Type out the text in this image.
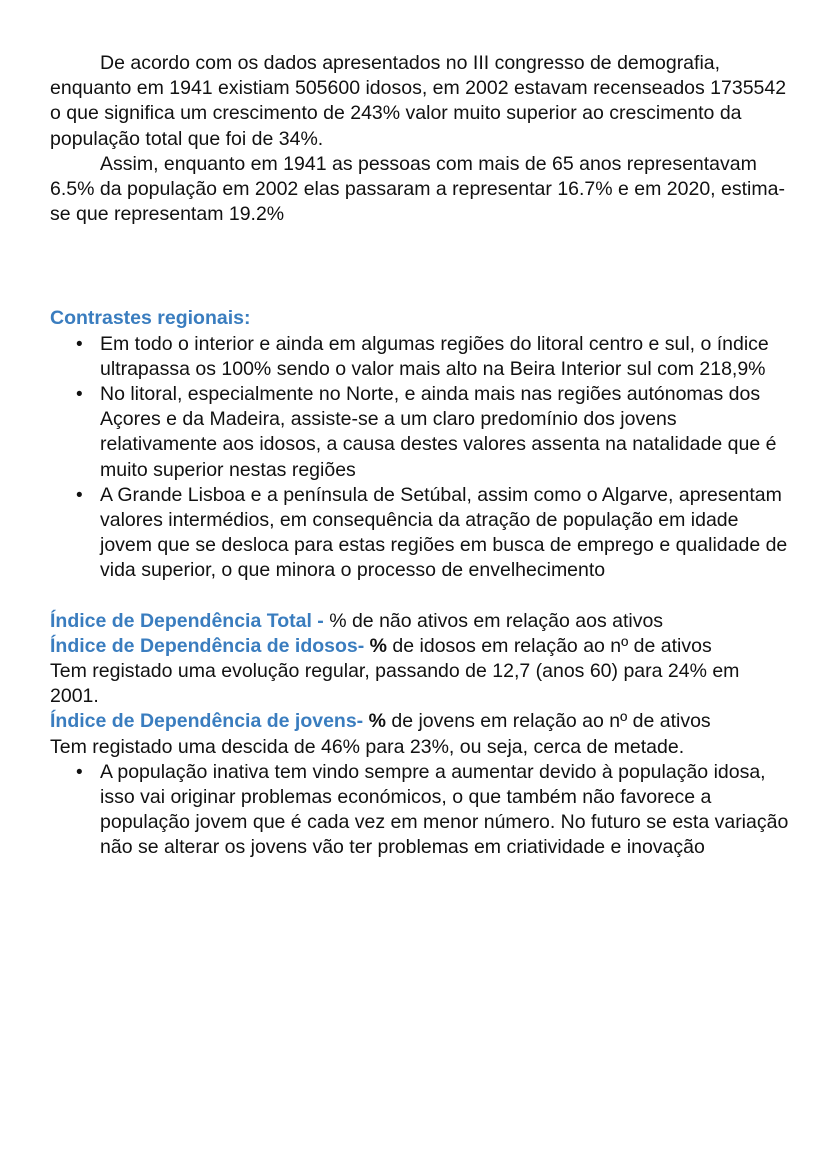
De acordo com os dados apresentados no III congresso de demografia, enquanto em 1941 existiam 505600 idosos, em 2002 estavam recenseados 1735542 o que significa um crescimento de 243% valor muito superior ao crescimento da população total que foi de 34%.

Assim, enquanto em 1941 as pessoas com mais de 65 anos representavam 6.5% da população em 2002 elas passaram a representar 16.7% e em 2020, estima-se que representam 19.2%

Contrastes regionais:

• Em todo o interior e ainda em algumas regiões do litoral centro e sul, o índice ultrapassa os 100% sendo o valor mais alto na Beira Interior sul com 218,9%
• No litoral, especialmente no Norte, e ainda mais nas regiões autónomas dos Açores e da Madeira, assiste-se a um claro predomínio dos jovens relativamente aos idosos, a causa destes valores assenta na natalidade que é muito superior nestas regiões
• A Grande Lisboa e a península de Setúbal, assim como o Algarve, apresentam valores intermédios, em consequência da atração de população em idade jovem que se desloca para estas regiões em busca de emprego e qualidade de vida superior, o que minora o processo de envelhecimento

Índice de Dependência Total - % de não ativos em relação aos ativos

Índice de Dependência de idosos- % de idosos em relação ao nº de ativos

Tem registado uma evolução regular, passando de 12,7 (anos 60) para 24% em 2001.

Índice de Dependência de jovens- % de jovens em relação ao nº de ativos

Tem registado uma descida de 46% para 23%, ou seja, cerca de metade.

• A população inativa tem vindo sempre a aumentar devido à população idosa, isso vai originar problemas económicos, o que também não favorece a população jovem que é cada vez em menor número. No futuro se esta variação não se alterar os jovens vão ter problemas em criatividade e inovação
